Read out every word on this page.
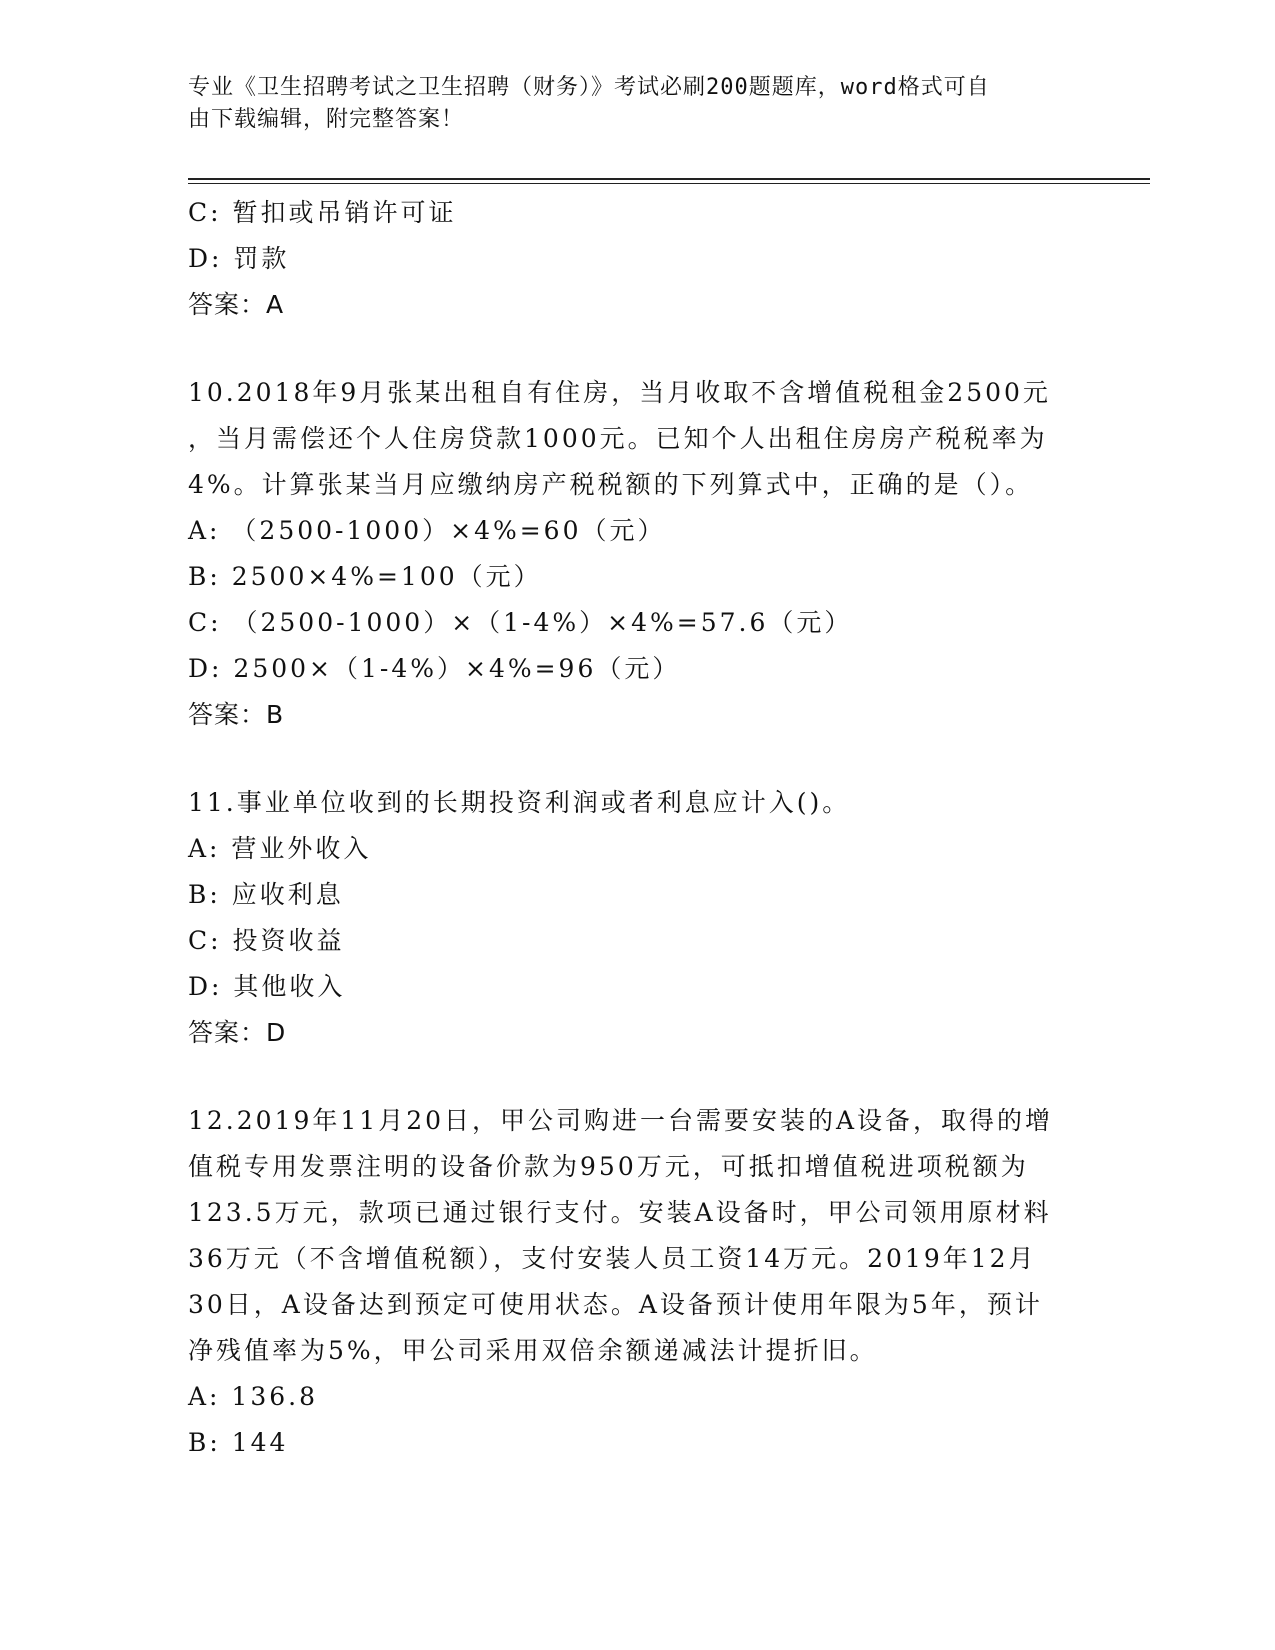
专业《卫生招聘考试之卫生招聘（财务）》考试必刷200题题库，word格式可自
由下载编辑，附完整答案！
C: 暂扣或吊销许可证
D: 罚款
答案：A
10.2018年9月张某出租自有住房，当月收取不含增值税租金2500元
，当月需偿还个人住房贷款1000元。已知个人出租住房房产税税率为
4%。计算张某当月应缴纳房产税税额的下列算式中，正确的是（）。
A: （2500-1000）×4%=60（元）
B: 2500×4%=100（元）
C: （2500-1000）×（1-4%）×4%=57.6（元）
D: 2500×（1-4%）×4%=96（元）
答案：B
11.事业单位收到的长期投资利润或者利息应计入()。
A: 营业外收入
B: 应收利息
C: 投资收益
D: 其他收入
答案：D
12.2019年11月20日，甲公司购进一台需要安装的A设备，取得的增
值税专用发票注明的设备价款为950万元，可抵扣增值税进项税额为
123.5万元，款项已通过银行支付。安装A设备时，甲公司领用原材料
36万元（不含增值税额），支付安装人员工资14万元。2019年12月
30日，A设备达到预定可使用状态。A设备预计使用年限为5年，预计
净残值率为5%，甲公司采用双倍余额递减法计提折旧。
A: 136.8
B: 144
